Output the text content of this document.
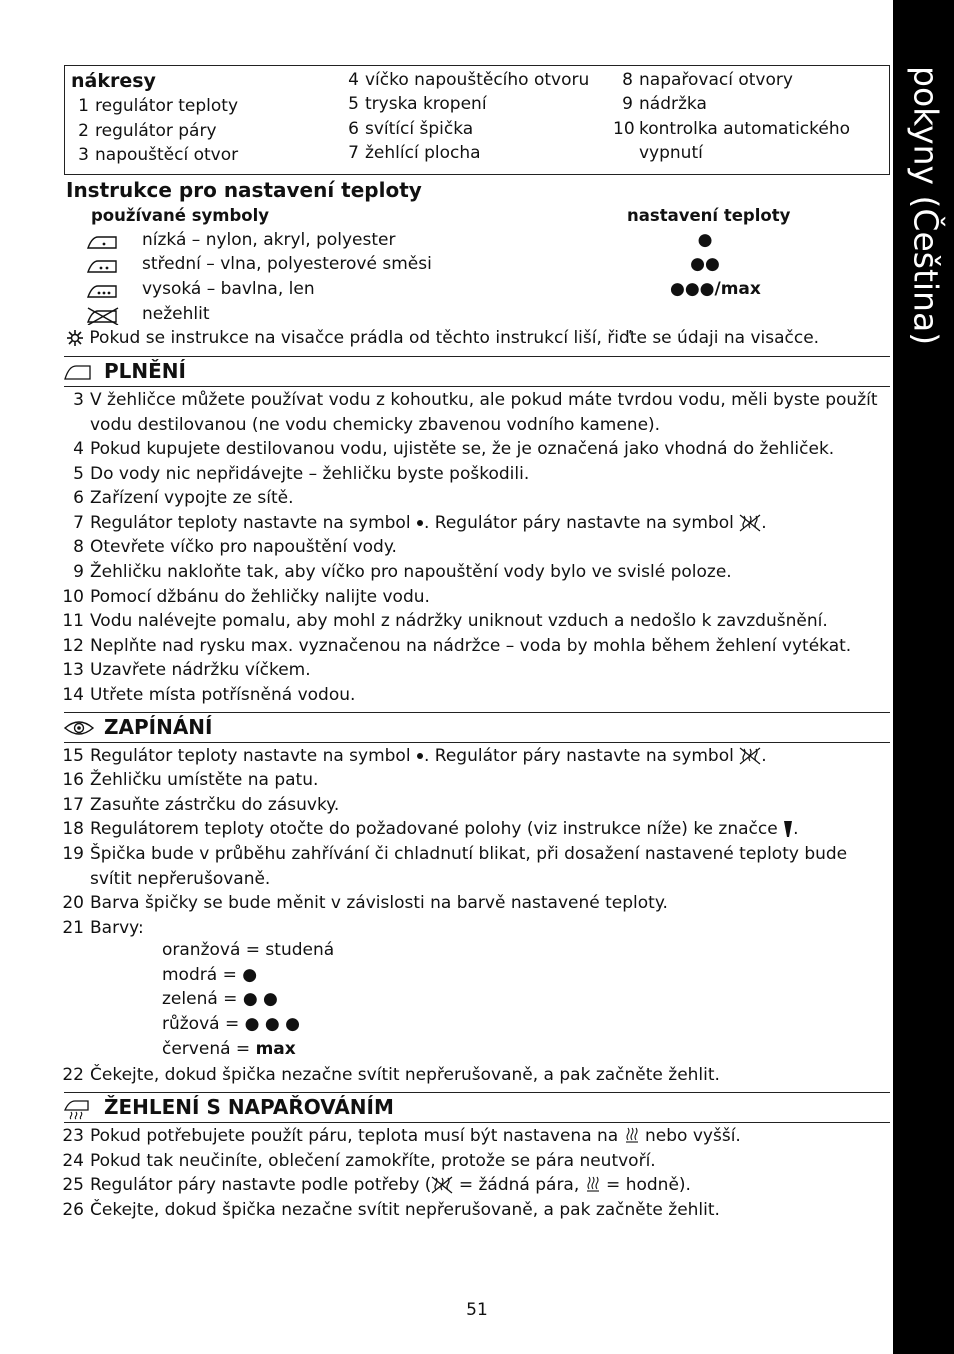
pokyny (Čeština)
nákresy
1 regulátor teploty
2 regulátor páry
3 napouštěcí otvor
4 víčko napouštěcího otvoru
5 tryska kropení
6 svítící špička
7 žehlící plocha
8 napařovací otvory
9 nádržka
10 kontrolka automatického
vypnutí
Instrukce pro nastavení teploty
používané symboly	nastavení teploty
nízká – nylon, akryl, polyester	●
střední – vlna, polyesterové směsi	●●
vysoká – bavlna, len	●●●/max
nežehlit
Pokud se instrukce na visačce prádla od těchto instrukcí liší, řiďte se údaji na visačce.
PLNĚNÍ
3 V žehličce můžete používat vodu z kohoutku, ale pokud máte tvrdou vodu, měli byste použít
vodu destilovanou (ne vodu chemicky zbavenou vodního kamene).
4 Pokud kupujete destilovanou vodu, ujistěte se, že je označená jako vhodná do žehliček.
5 Do vody nic nepřidávejte – žehličku byste poškodili.
6 Zařízení vypojte ze sítě.
7 Regulátor teploty nastavte na symbol . Regulátor páry nastavte na symbol .
8 Otevřete víčko pro napouštění vody.
9 Žehličku nakloňte tak, aby víčko pro napouštění vody bylo ve svislé poloze.
10 Pomocí džbánu do žehličky nalijte vodu.
11 Vodu nalévejte pomalu, aby mohl z nádržky uniknout vzduch a nedošlo k zavzdušnění.
12 Neplňte nad rysku max. vyznačenou na nádržce – voda by mohla během žehlení vytékat.
13 Uzavřete nádržku víčkem.
14 Utřete místa potřísněná vodou.
ZAPÍNÁNÍ
15 Regulátor teploty nastavte na symbol . Regulátor páry nastavte na symbol .
16 Žehličku umístěte na patu.
17 Zasuňte zástrčku do zásuvky.
18 Regulátorem teploty otočte do požadované polohy (viz instrukce níže) ke značce .
19 Špička bude v průběhu zahřívání či chladnutí blikat, při dosažení nastavené teploty bude
svítit nepřerušovaně.
20 Barva špičky se bude měnit v závislosti na barvě nastavené teploty.
21 Barvy:
oranžová = studená
modrá = ●
zelená = ● ●
růžová = ● ● ●
červená = max
22 Čekejte, dokud špička nezačne svítit nepřerušovaně, a pak začněte žehlit.
ŽEHLENÍ S NAPAŘOVÁNÍM
23 Pokud potřebujete použít páru, teplota musí být nastavena na  nebo vyšší.
24 Pokud tak neučiníte, oblečení zamokříte, protože se pára neutvoří.
25 Regulátor páry nastavte podle potřeby ( = žádná pára,  = hodně).
26 Čekejte, dokud špička nezačne svítit nepřerušovaně, a pak začněte žehlit.
51
